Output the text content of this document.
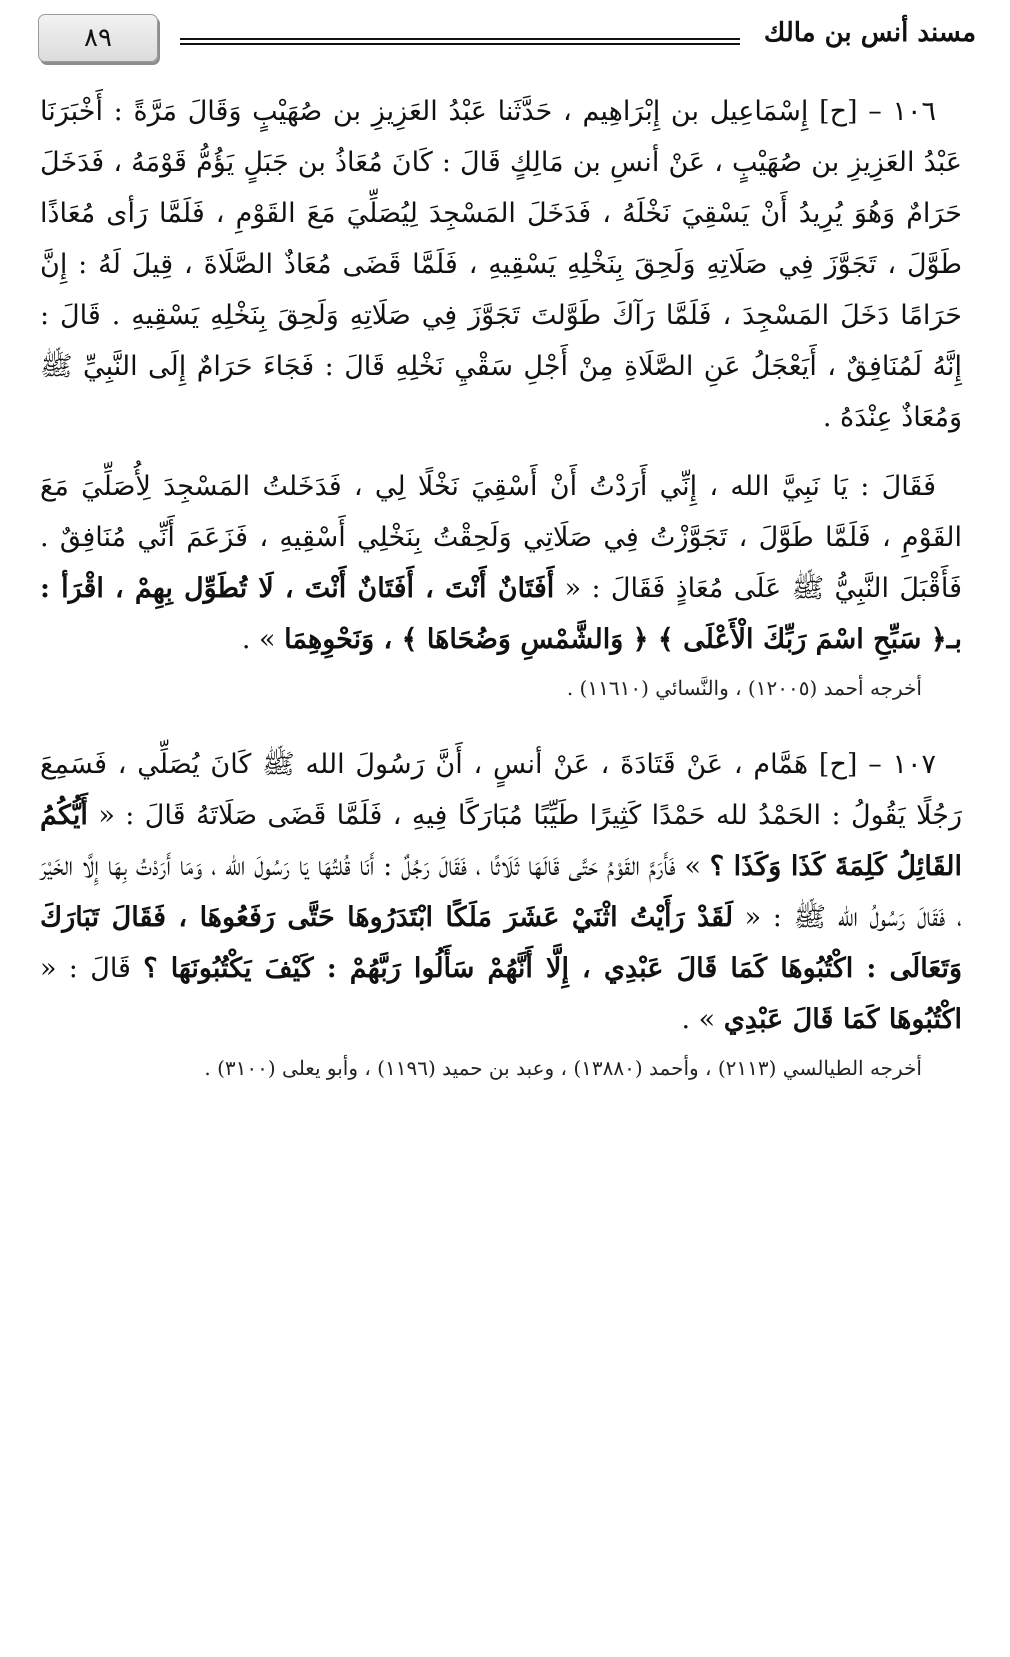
٨٩	مسند أنس بن مالك

١٠٦ – [ح] إِسْمَاعِيل بن إِبْرَاهِيم ، حَدَّثَنا عَبْدُ العَزِيزِ بن صُهَيْبٍ وَقَالَ مَرَّةً : أَخْبَرَنَا عَبْدُ العَزِيزِ بن صُهَيْبٍ ، عَنْ أنسِ بن مَالِكٍ قَالَ : كَانَ مُعَاذُ بن جَبَلٍ يَؤُمُّ قَوْمَهُ ، فَدَخَلَ حَرَامٌ وَهُوَ يُرِيدُ أَنْ يَسْقِيَ نَخْلَهُ ، فَدَخَلَ المَسْجِدَ لِيُصَلِّيَ مَعَ القَوْمِ ، فَلَمَّا رَأى مُعَاذًا طَوَّلَ ، تَجَوَّزَ فِي صَلَاتِهِ وَلَحِقَ بِنَخْلِهِ يَسْقِيهِ ، فَلَمَّا قَضَى مُعَاذٌ الصَّلَاةَ ، قِيلَ لَهُ : إِنَّ حَرَامًا دَخَلَ المَسْجِدَ ، فَلَمَّا رَآكَ طَوَّلتَ تَجَوَّزَ فِي صَلَاتِهِ وَلَحِقَ بِنَخْلِهِ يَسْقِيهِ . قَالَ : إِنَّهُ لَمُنَافِقٌ ، أَيَعْجَلُ عَنِ الصَّلَاةِ مِنْ أَجْلِ سَقْيِ نَخْلِهِ قَالَ : فَجَاءَ حَرَامٌ إِلَى النَّبِيِّ ﷺ وَمُعَاذٌ عِنْدَهُ .

فَقَالَ : يَا نَبِيَّ الله ، إِنِّي أَرَدْتُ أَنْ أَسْقِيَ نَخْلًا لِي ، فَدَخَلتُ المَسْجِدَ لِأُصَلِّيَ مَعَ القَوْمِ ، فَلَمَّا طَوَّلَ ، تَجَوَّزْتُ فِي صَلَاتِي وَلَحِقْتُ بِنَخْلِي أَسْقِيهِ ، فَزَعَمَ أَنِّي مُنَافِقٌ . فَأَقْبَلَ النَّبِيُّ ﷺ عَلَى مُعَاذٍ فَقَالَ : « أَفَتَانٌ أَنْتَ ، أَفَتَانٌ أَنْتَ ، لَا تُطَوِّل بِهِمْ ، اقْرَأ : بـ﴿ سَبِّحِ اسْمَ رَبِّكَ الْأَعْلَى ﴾ ﴿ وَالشَّمْسِ وَضُحَاهَا ﴾ ، وَنَحْوِهِمَا » .

أخرجه أحمد (١٢٠٠٥) ، والنَّسائي (١١٦١٠) .

١٠٧ – [ح] هَمَّام ، عَنْ قَتَادَةَ ، عَنْ أنسٍ ، أَنَّ رَسُولَ الله ﷺ كَانَ يُصَلِّي ، فَسَمِعَ رَجُلًا يَقُولُ : الحَمْدُ لله حَمْدًا كَثِيرًا طَيِّبًا مُبَارَكًا فِيهِ ، فَلَمَّا قَضَى صَلَاتَهُ قَالَ : « أَيُّكُمُ القَائِلُ كَلِمَةَ كَذَا وَكَذَا ؟ » فَأَرَمَّ القَوْمُ حَتَّى قَالَهَا ثَلَاثًا ، فَقَالَ رَجُلٌ : أَنَا قُلتُهَا يَا رَسُولَ الله ، وَمَا أَرَدْتُ بِهَا إِلَّا الخَيْرَ ، فَقَالَ رَسُولُ الله ﷺ : « لَقَدْ رَأَيْتُ اثْنَيْ عَشَرَ مَلَكًا ابْتَدَرُوهَا حَتَّى رَفَعُوهَا ، فَقَالَ تَبَارَكَ وَتَعَالَى : اكْتُبُوهَا كَمَا قَالَ عَبْدِي ، إِلَّا أَنَّهُمْ سَأَلُوا رَبَّهُمْ : كَيْفَ يَكْتُبُونَهَا ؟ قَالَ : « اكْتُبُوهَا كَمَا قَالَ عَبْدِي » .

أخرجه الطيالسي (٢١١٣) ، وأحمد (١٣٨٨٠) ، وعبد بن حميد (١١٩٦) ، وأبو يعلى (٣١٠٠) .
